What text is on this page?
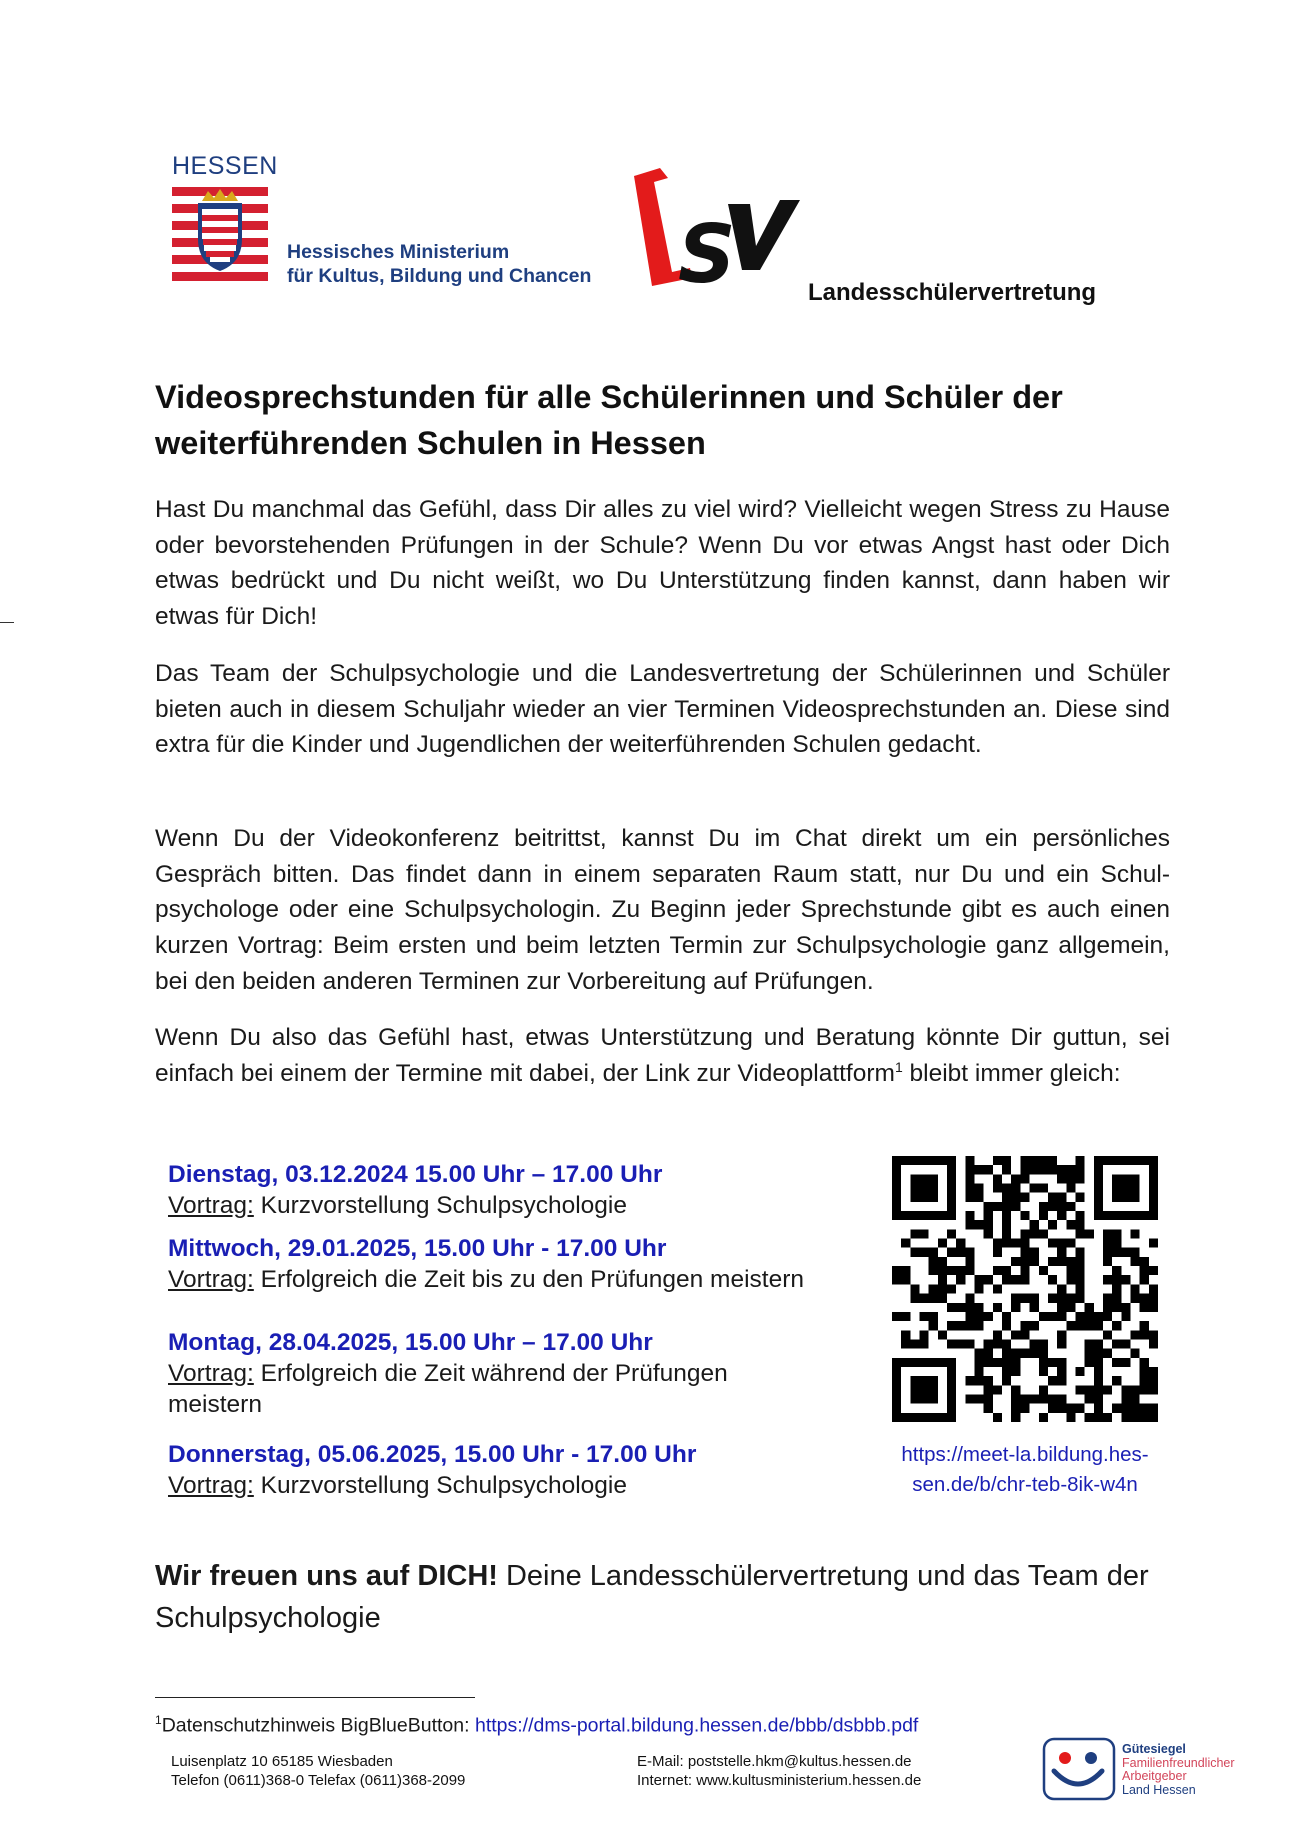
HESSEN
Hessisches Ministerium
für Kultus, Bildung und Chancen S	Landesschülervertretung
Videosprechstunden für alle Schülerinnen und Schüler der
weiterführenden Schulen in Hessen
Hast Du manchmal das Gefühl, dass Dir alles zu viel wird? Vielleicht wegen Stress zu Hause oder bevorstehenden Prüfungen in der Schule? Wenn Du vor etwas Angst hast oder Dich etwas bedrückt und Du nicht weißt, wo Du Unterstützung finden kannst, dann haben wir etwas für Dich!
Das Team der Schulpsychologie und die Landesvertretung der Schülerinnen und Schüler bieten auch in diesem Schuljahr wieder an vier Terminen Videosprechstunden an. Diese sind extra für die Kinder und Jugendlichen der weiterführenden Schulen gedacht.
Wenn Du der Videokonferenz beitrittst, kannst Du im Chat direkt um ein persönliches Gespräch bitten. Das findet dann in einem separaten Raum statt, nur Du und ein Schulpsychologe oder eine Schulpsychologin. Zu Beginn jeder Sprechstunde gibt es auch einen kurzen Vortrag: Beim ersten und beim letzten Termin zur Schulpsychologie ganz allgemein, bei den beiden anderen Terminen zur Vorbereitung auf Prüfungen.
Wenn Du also das Gefühl hast, etwas Unterstützung und Beratung könnte Dir guttun, sei einfach bei einem der Termine mit dabei, der Link zur Videoplattform$^1$ bleibt immer gleich:
Dienstag, 03.12.2024 15.00 Uhr – 17.00 Uhr
Vortrag: Kurzvorstellung Schulpsychologie
Mittwoch, 29.01.2025, 15.00 Uhr - 17.00 Uhr
Vortrag: Erfolgreich die Zeit bis zu den Prüfungen meistern
Montag, 28.04.2025, 15.00 Uhr – 17.00 Uhr
Vortrag: Erfolgreich die Zeit während der Prüfungen meistern
Donnerstag, 05.06.2025, 15.00 Uhr - 17.00 Uhr
Vortrag: Kurzvorstellung Schulpsychologie
https://meet-la.bildung.hes-
sen.de/b/chr-teb-8ik-w4n
Wir freuen uns auf DICH! Deine Landesschülervertretung und das Team der Schulpsychologie
$^1$Datenschutzhinweis BigBlueButton: https://dms-portal.bildung.hessen.de/bbb/dsbbb.pdf
Luisenplatz 10 65185 Wiesbaden
Telefon (0611)368-0 Telefax (0611)368-2099
E-Mail: poststelle.hkm@kultus.hessen.de
Internet: www.kultusministerium.hessen.de
Gütesiegel
Familienfreundlicher
Arbeitgeber
Land Hessen
